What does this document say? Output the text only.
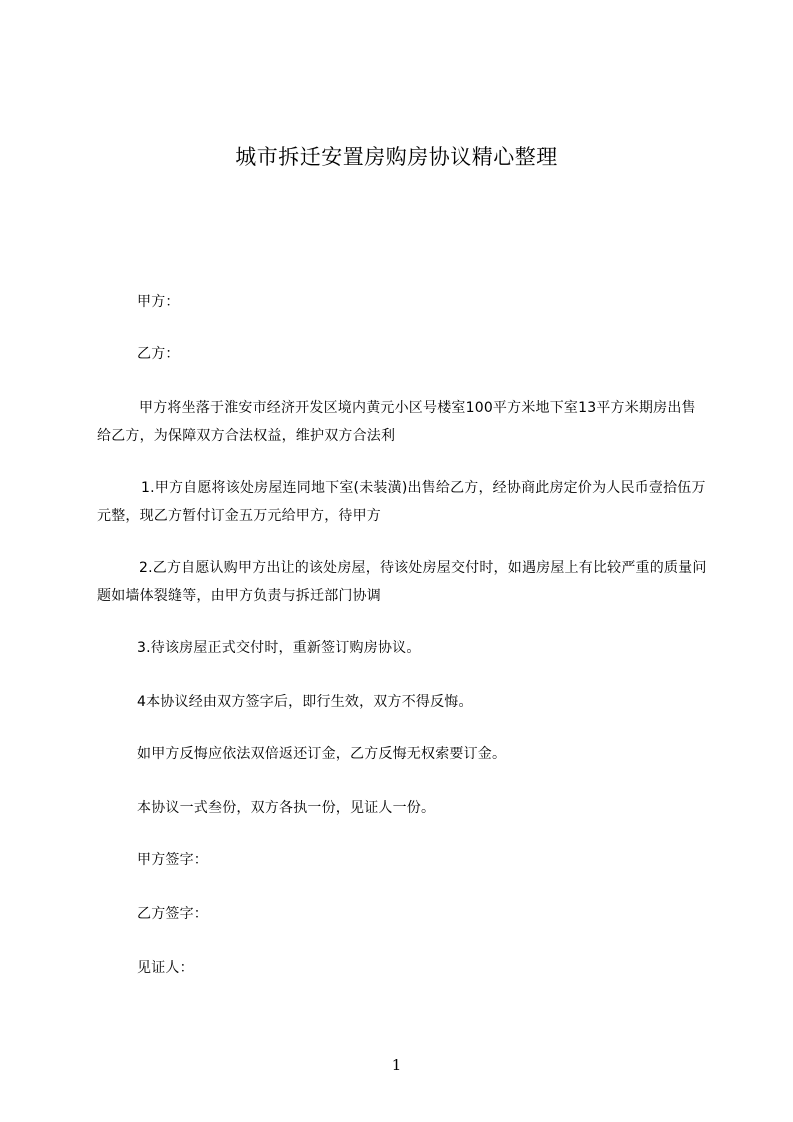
城市拆迁安置房购房协议精心整理
甲方：
乙方：
甲方将坐落于淮安市经济开发区境内黄元小区号楼室100平方米地下室13平方米期房出售给乙方，为保障双方合法权益，维护双方合法利
1.甲方自愿将该处房屋连同地下室(未装潢)出售给乙方，经协商此房定价为人民币壹拾伍万元整，现乙方暂付订金五万元给甲方，待甲方
2.乙方自愿认购甲方出让的该处房屋，待该处房屋交付时，如遇房屋上有比较严重的质量问题如墙体裂缝等，由甲方负责与拆迁部门协调
3.待该房屋正式交付时，重新签订购房协议。
4本协议经由双方签字后，即行生效，双方不得反悔。
如甲方反悔应依法双倍返还订金，乙方反悔无权索要订金。
本协议一式叁份，双方各执一份，见证人一份。
甲方签字：
乙方签字：
见证人：
1
